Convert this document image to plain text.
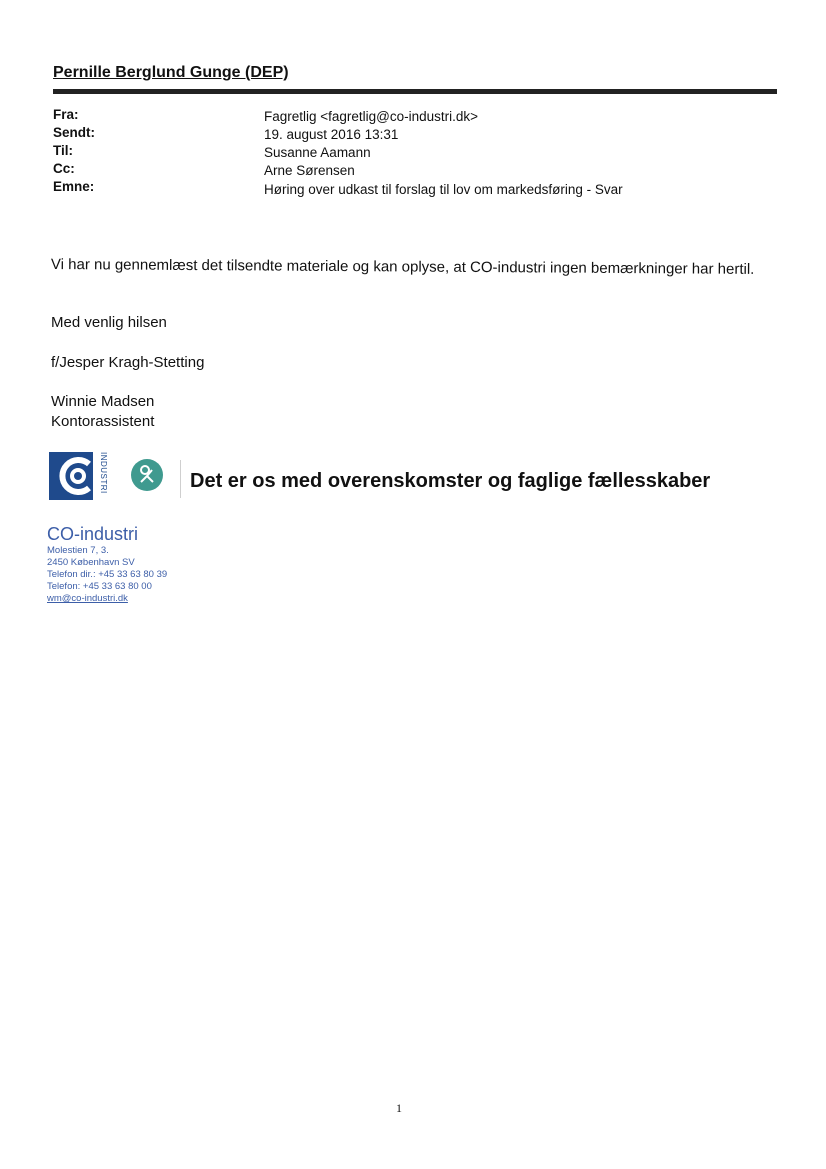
Pernille Berglund Gunge (DEP)
Fra:	Fagretlig <fagretlig@co-industri.dk>
Sendt:	19. august 2016 13:31
Til:	Susanne Aamann
Cc:	Arne Sørensen
Emne:	Høring over udkast til forslag til lov om markedsføring - Svar
Vi har nu gennemlæst det tilsendte materiale og kan oplyse, at CO-industri ingen bemærkninger har hertil.
Med venlig hilsen
f/Jesper Kragh-Stetting
Winnie Madsen
Kontorassistent
INDUSTRI	Det er os med overenskomster og faglige fællesskaber
CO-industri
Molestien 7, 3.
2450 København SV
Telefon dir.: +45 33 63 80 39
Telefon: +45 33 63 80 00
wm@co-industri.dk
1
